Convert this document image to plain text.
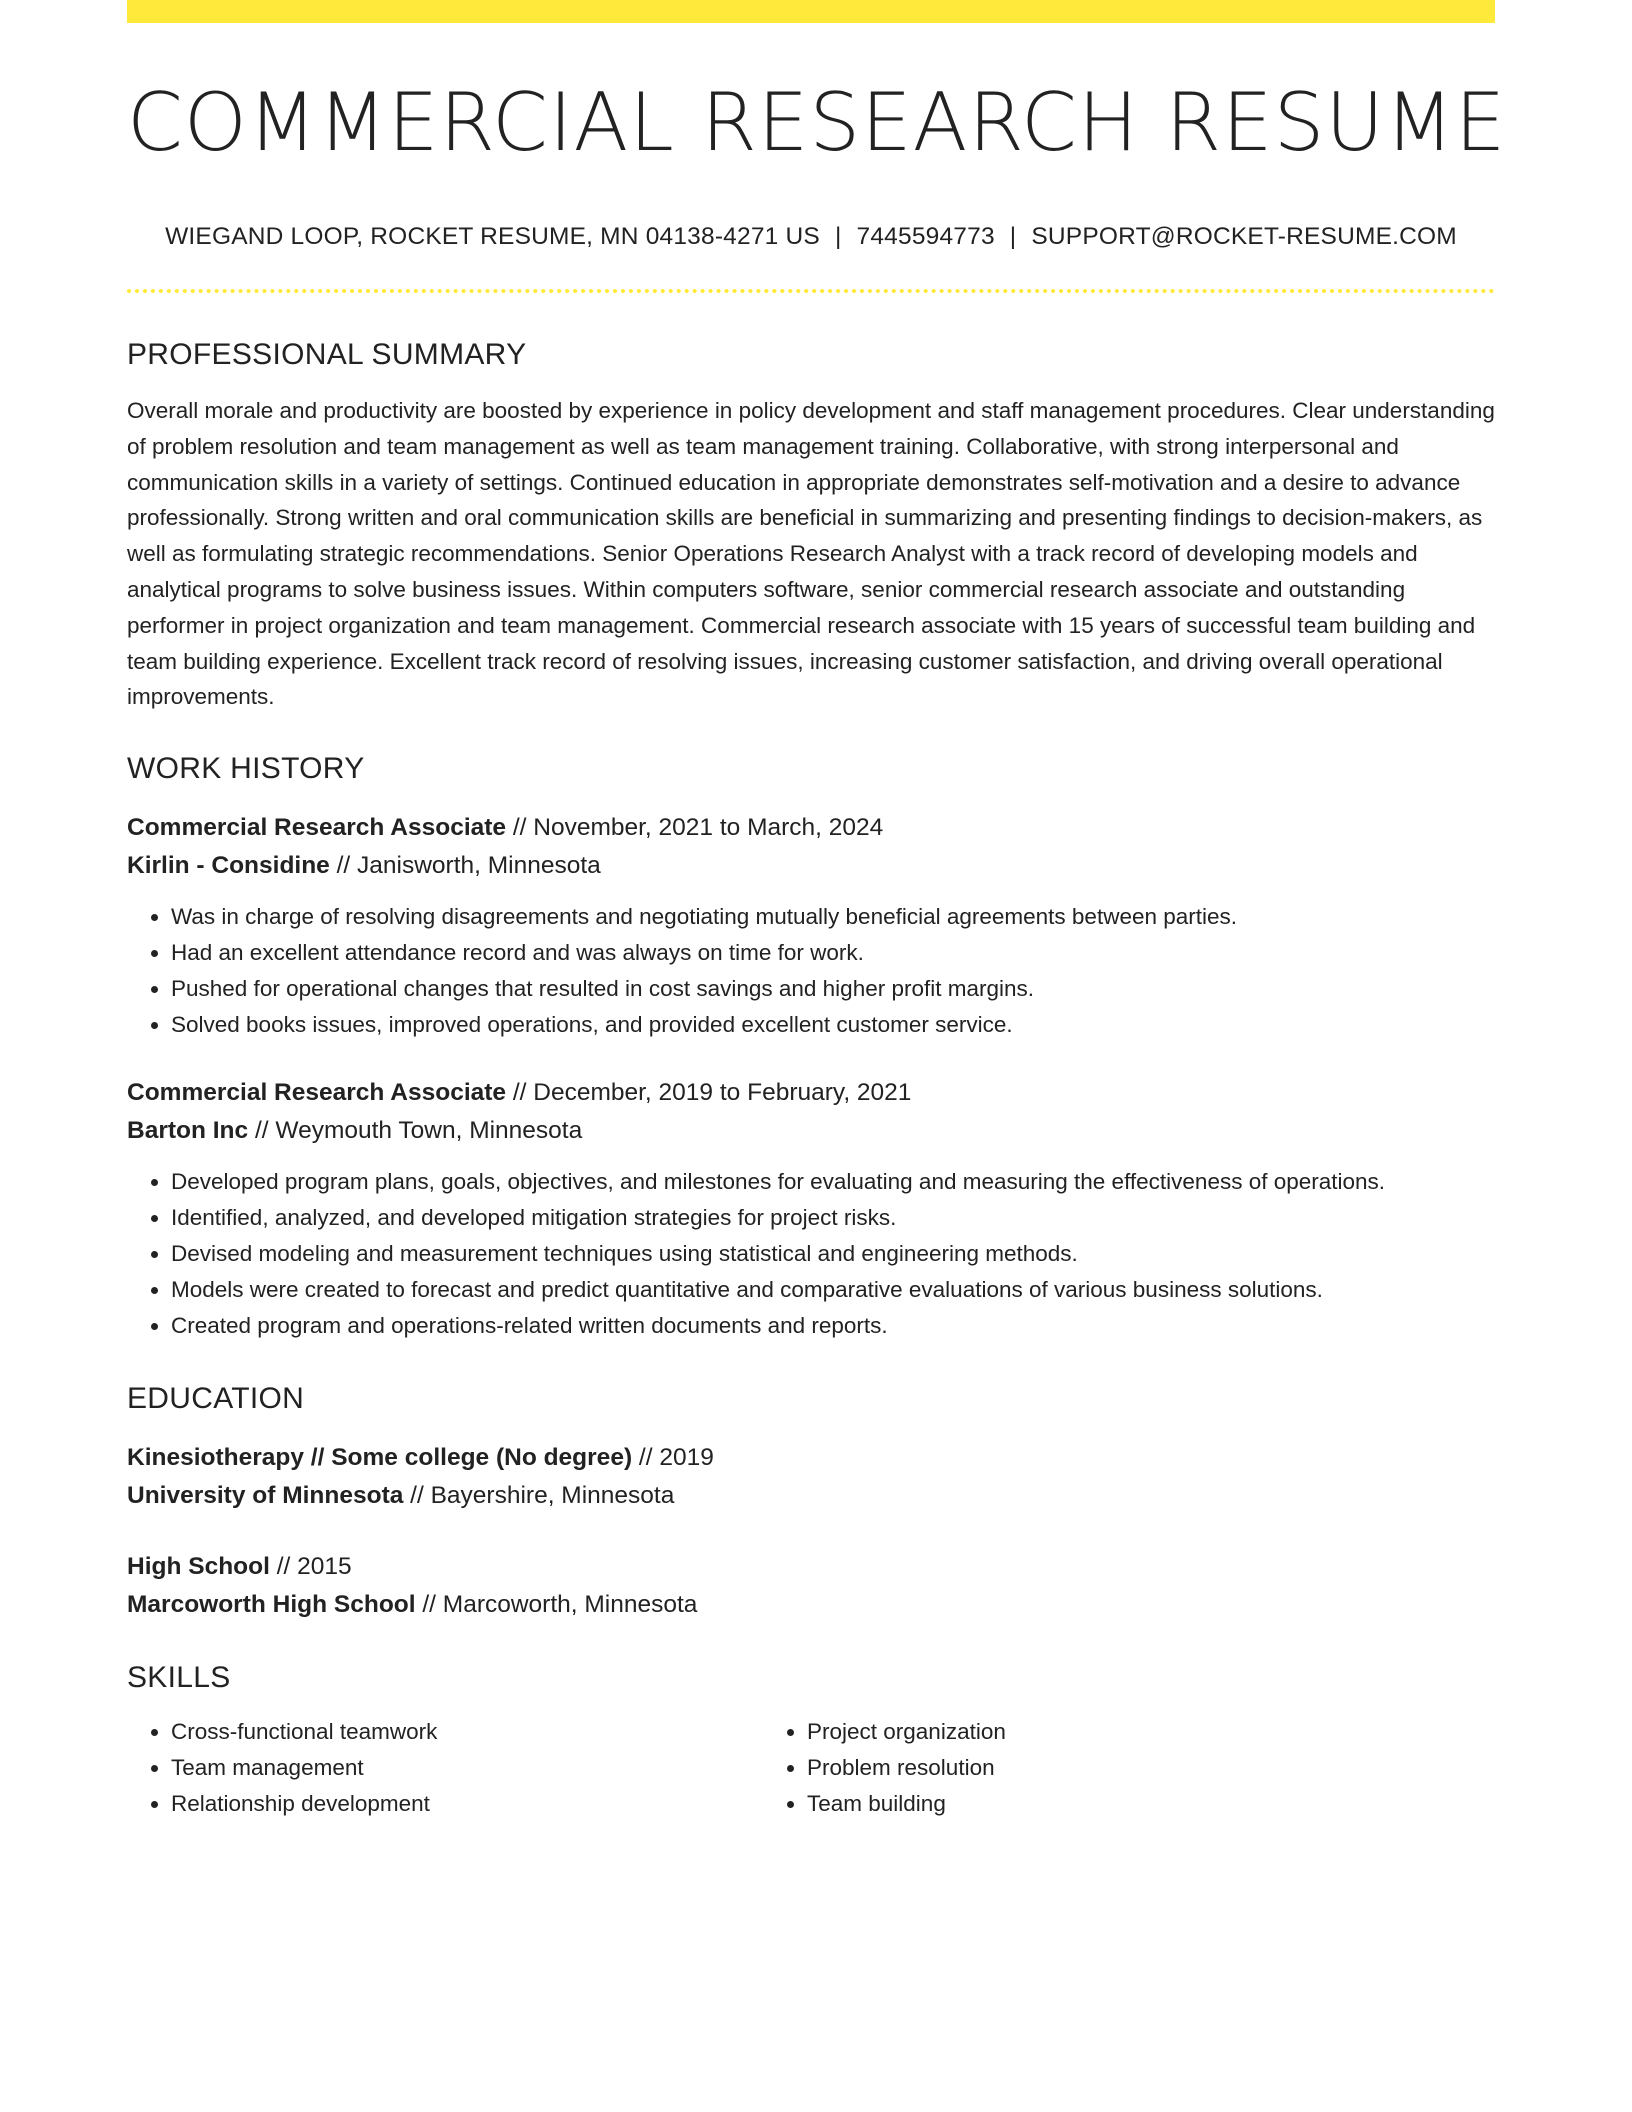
COMMERCIAL RESEARCH RESUME
WIEGAND LOOP, ROCKET RESUME, MN 04138-4271 US | 7445594773 | SUPPORT@ROCKET-RESUME.COM
PROFESSIONAL SUMMARY

Overall morale and productivity are boosted by experience in policy development and staff management procedures. Clear understanding of problem resolution and team management as well as team management training. Collaborative, with strong interpersonal and communication skills in a variety of settings. Continued education in appropriate demonstrates self-motivation and a desire to advance professionally. Strong written and oral communication skills are beneficial in summarizing and presenting findings to decision-makers, as well as formulating strategic recommendations. Senior Operations Research Analyst with a track record of developing models and analytical programs to solve business issues. Within computers software, senior commercial research associate and outstanding performer in project organization and team management. Commercial research associate with 15 years of successful team building and team building experience. Excellent track record of resolving issues, increasing customer satisfaction, and driving overall operational improvements.

WORK HISTORY
Commercial Research Associate // November, 2021 to March, 2024
Kirlin - Considine // Janisworth, Minnesota
• Was in charge of resolving disagreements and negotiating mutually beneficial agreements between parties.
• Had an excellent attendance record and was always on time for work.
• Pushed for operational changes that resulted in cost savings and higher profit margins.
• Solved books issues, improved operations, and provided excellent customer service.
Commercial Research Associate // December, 2019 to February, 2021
Barton Inc // Weymouth Town, Minnesota
• Developed program plans, goals, objectives, and milestones for evaluating and measuring the effectiveness of operations.
• Identified, analyzed, and developed mitigation strategies for project risks.
• Devised modeling and measurement techniques using statistical and engineering methods.
• Models were created to forecast and predict quantitative and comparative evaluations of various business solutions.
• Created program and operations-related written documents and reports.
EDUCATION
Kinesiotherapy // Some college (No degree) // 2019
University of Minnesota // Bayershire, Minnesota
High School // 2015
Marcoworth High School // Marcoworth, Minnesota
SKILLS
• Cross-functional teamwork
• Team management
• Relationship development
• Project organization
• Problem resolution
• Team building
